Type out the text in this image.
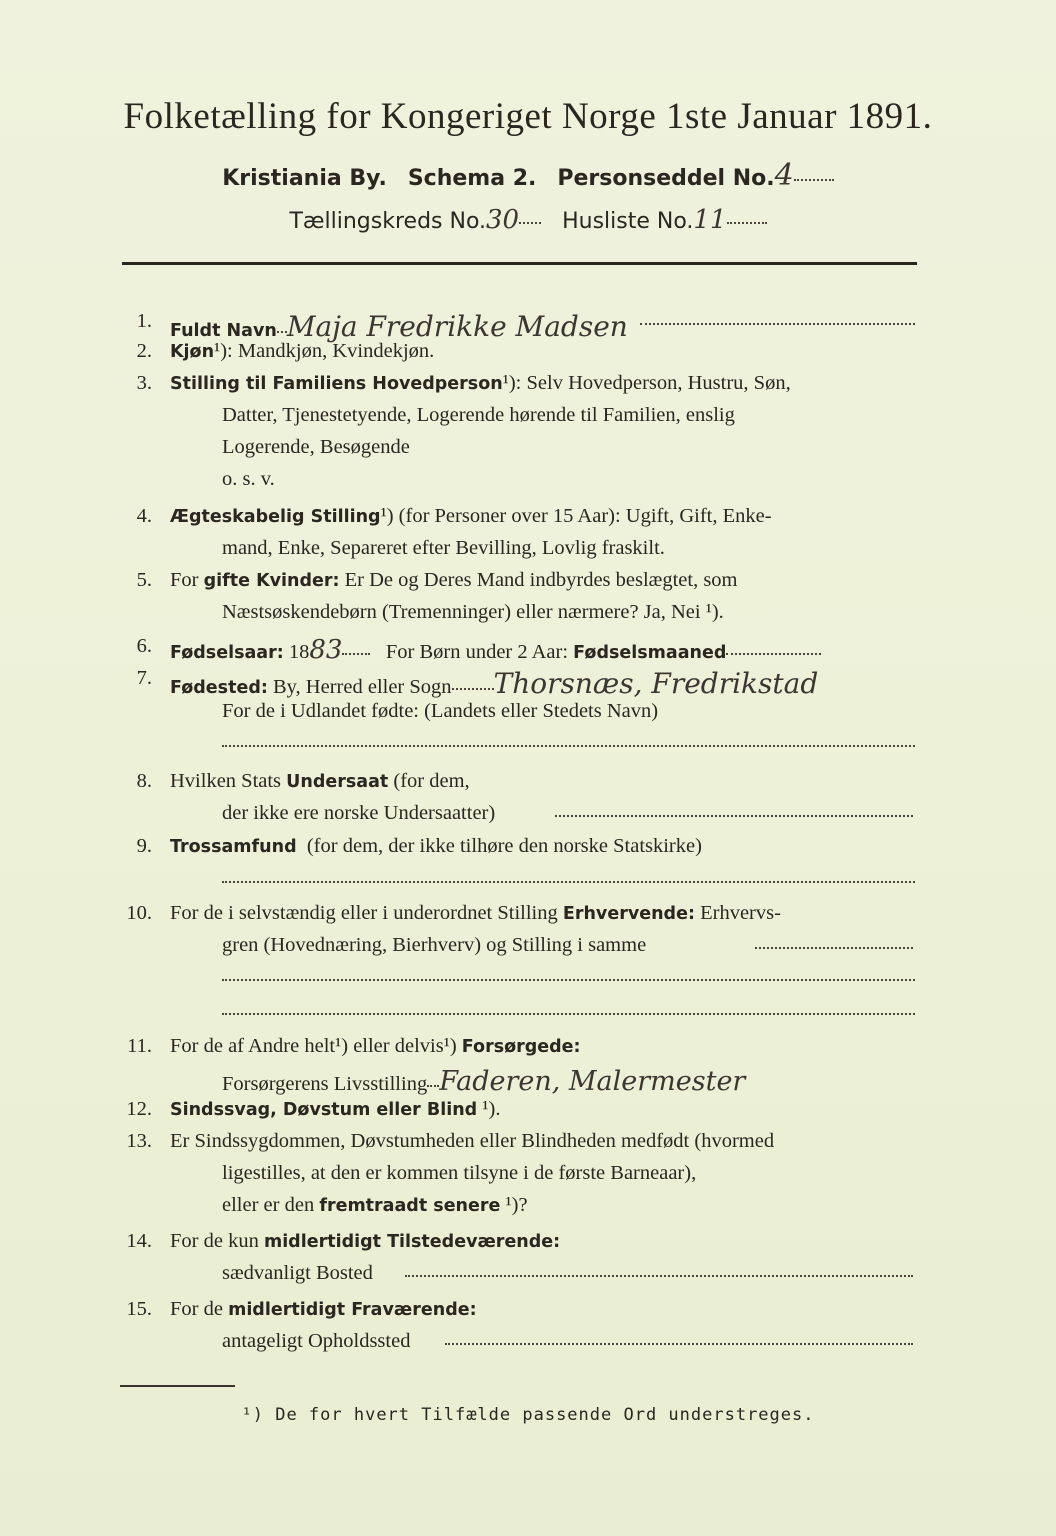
Folketælling for Kongeriget Norge 1ste Januar 1891.
Kristiania By. Schema 2. Personseddel No.4
Tællingskreds No.30 Husliste No.11
1. Fuldt Navn Maja Fredrikke Madsen
2. Kjøn¹): Mandkjøn, Kvindekjøn.
3. Stilling til Familiens Hovedperson¹): Selv Hovedperson, Hustru, Søn,
Datter, Tjenestetyende, Logerende hørende til Familien, enslig
Logerende, Besøgende
o. s. v.
4. Ægteskabelig Stilling¹) (for Personer over 15 Aar): Ugift, Gift, Enke-
mand, Enke, Separeret efter Bevilling, Lovlig fraskilt.
5. For gifte Kvinder: Er De og Deres Mand indbyrdes beslægtet, som
Næstsøskendebørn (Tremenninger) eller nærmere? Ja, Nei ¹).
6. Fødselsaar: 1883 For Børn under 2 Aar: Fødselsmaaned
7. Fødested: By, Herred eller Sogn Thorsnæs, Fredrikstad
For de i Udlandet fødte: (Landets eller Stedets Navn)
8. Hvilken Stats Undersaat (for dem,
der ikke ere norske Undersaatter)
9. Trossamfund (for dem, der ikke tilhøre den norske Statskirke)
10. For de i selvstændig eller i underordnet Stilling Erhvervende: Erhvervs-
gren (Hovednæring, Bierhverv) og Stilling i samme
11. For de af Andre helt¹) eller delvis¹) Forsørgede:
Forsørgerens Livsstilling Faderen, Malermester
12. Sindssvag, Døvstum eller Blind ¹).
13. Er Sindssygdommen, Døvstumheden eller Blindheden medfødt (hvormed
ligestilles, at den er kommen tilsyne i de første Barneaar),
eller er den fremtraadt senere ¹)?
14. For de kun midlertidigt Tilstedeværende:
sædvanligt Bosted
15. For de midlertidigt Fraværende:
antageligt Opholdssted
¹) De for hvert Tilfælde passende Ord understreges.
